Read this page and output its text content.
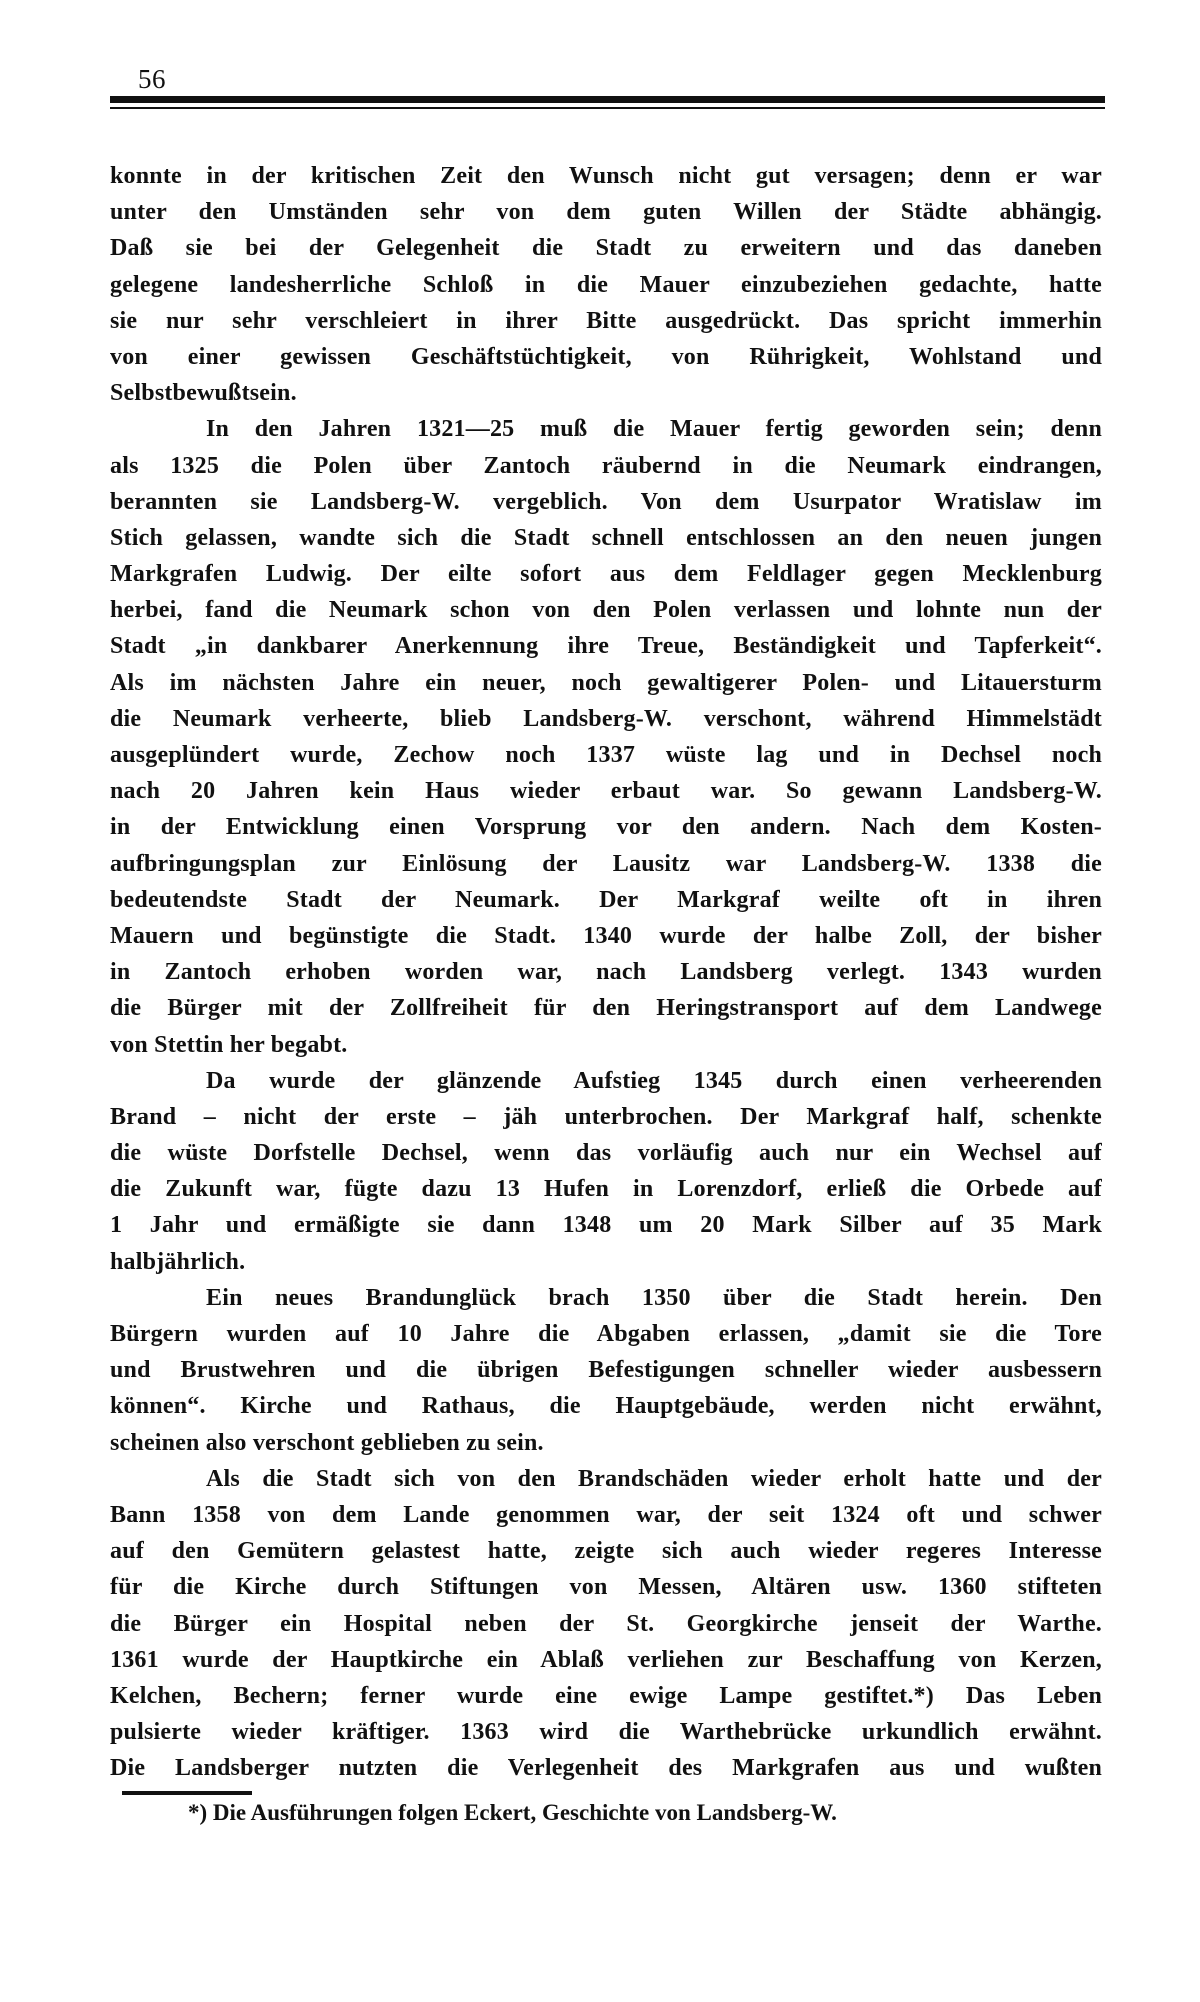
56
konnte in der kritischen Zeit den Wunsch nicht gut versagen; denn er war
unter den Umständen sehr von dem guten Willen der Städte abhängig.
Daß sie bei der Gelegenheit die Stadt zu erweitern und das daneben
gelegene landesherrliche Schloß in die Mauer einzubeziehen gedachte, hatte
sie nur sehr verschleiert in ihrer Bitte ausgedrückt. Das spricht immerhin
von einer gewissen Geschäftstüchtigkeit, von Rührigkeit, Wohlstand und
Selbstbewußtsein.
In den Jahren 1321—25 muß die Mauer fertig geworden sein; denn
als 1325 die Polen über Zantoch räubernd in die Neumark eindrangen,
berannten sie Landsberg-W. vergeblich. Von dem Usurpator Wratislaw im
Stich gelassen, wandte sich die Stadt schnell entschlossen an den neuen jungen
Markgrafen Ludwig. Der eilte sofort aus dem Feldlager gegen Mecklenburg
herbei, fand die Neumark schon von den Polen verlassen und lohnte nun der
Stadt „in dankbarer Anerkennung ihre Treue, Beständigkeit und Tapferkeit“.
Als im nächsten Jahre ein neuer, noch gewaltigerer Polen- und Litauersturm
die Neumark verheerte, blieb Landsberg-W. verschont, während Himmelstädt
ausgeplündert wurde, Zechow noch 1337 wüste lag und in Dechsel noch
nach 20 Jahren kein Haus wieder erbaut war. So gewann Landsberg-W.
in der Entwicklung einen Vorsprung vor den andern. Nach dem Kosten-
aufbringungsplan zur Einlösung der Lausitz war Landsberg-W. 1338 die
bedeutendste Stadt der Neumark. Der Markgraf weilte oft in ihren
Mauern und begünstigte die Stadt. 1340 wurde der halbe Zoll, der bisher
in Zantoch erhoben worden war, nach Landsberg verlegt. 1343 wurden
die Bürger mit der Zollfreiheit für den Heringstransport auf dem Landwege
von Stettin her begabt.
Da wurde der glänzende Aufstieg 1345 durch einen verheerenden
Brand – nicht der erste – jäh unterbrochen. Der Markgraf half, schenkte
die wüste Dorfstelle Dechsel, wenn das vorläufig auch nur ein Wechsel auf
die Zukunft war, fügte dazu 13 Hufen in Lorenzdorf, erließ die Orbede auf
1 Jahr und ermäßigte sie dann 1348 um 20 Mark Silber auf 35 Mark
halbjährlich.
Ein neues Brandunglück brach 1350 über die Stadt herein. Den
Bürgern wurden auf 10 Jahre die Abgaben erlassen, „damit sie die Tore
und Brustwehren und die übrigen Befestigungen schneller wieder ausbessern
können“. Kirche und Rathaus, die Hauptgebäude, werden nicht erwähnt,
scheinen also verschont geblieben zu sein.
Als die Stadt sich von den Brandschäden wieder erholt hatte und der
Bann 1358 von dem Lande genommen war, der seit 1324 oft und schwer
auf den Gemütern gelastest hatte, zeigte sich auch wieder regeres Interesse
für die Kirche durch Stiftungen von Messen, Altären usw. 1360 stifteten
die Bürger ein Hospital neben der St. Georgkirche jenseit der Warthe.
1361 wurde der Hauptkirche ein Ablaß verliehen zur Beschaffung von Kerzen,
Kelchen, Bechern; ferner wurde eine ewige Lampe gestiftet.*) Das Leben
pulsierte wieder kräftiger. 1363 wird die Warthebrücke urkundlich erwähnt.
Die Landsberger nutzten die Verlegenheit des Markgrafen aus und wußten
*) Die Ausführungen folgen Eckert, Geschichte von Landsberg-W.
